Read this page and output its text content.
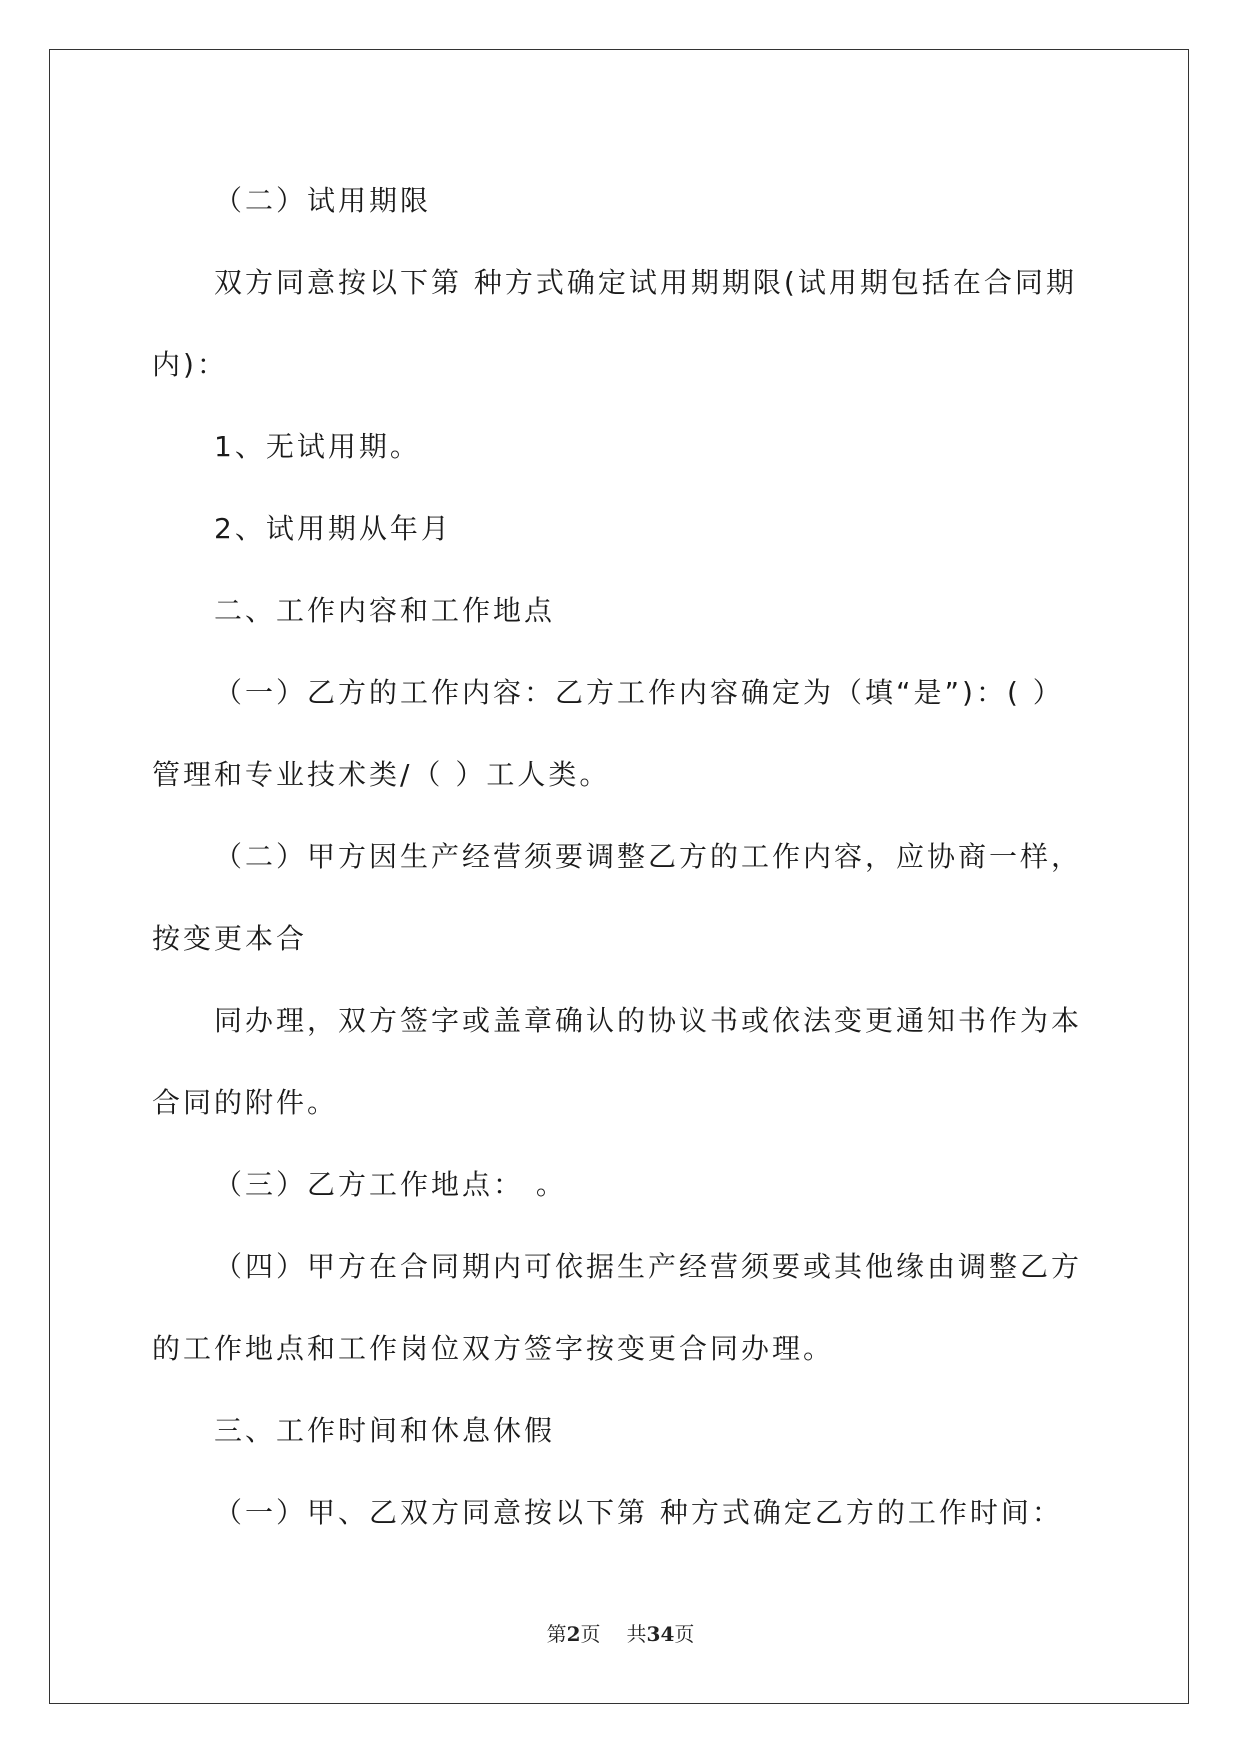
（二）试用期限

双方同意按以下第 种方式确定试用期期限(试用期包括在合同期

内)：

1、无试用期。

2、试用期从年月

二、工作内容和工作地点

（一）乙方的工作内容：乙方工作内容确定为（填“是”)：( ）

管理和专业技术类/（ ）工人类。

（二）甲方因生产经营须要调整乙方的工作内容，应协商一样，

按变更本合

同办理，双方签字或盖章确认的协议书或依法变更通知书作为本

合同的附件。

（三）乙方工作地点： 。

（四）甲方在合同期内可依据生产经营须要或其他缘由调整乙方

的工作地点和工作岗位双方签字按变更合同办理。

三、工作时间和休息休假

（一）甲、乙双方同意按以下第 种方式确定乙方的工作时间：

第2页 共34页
